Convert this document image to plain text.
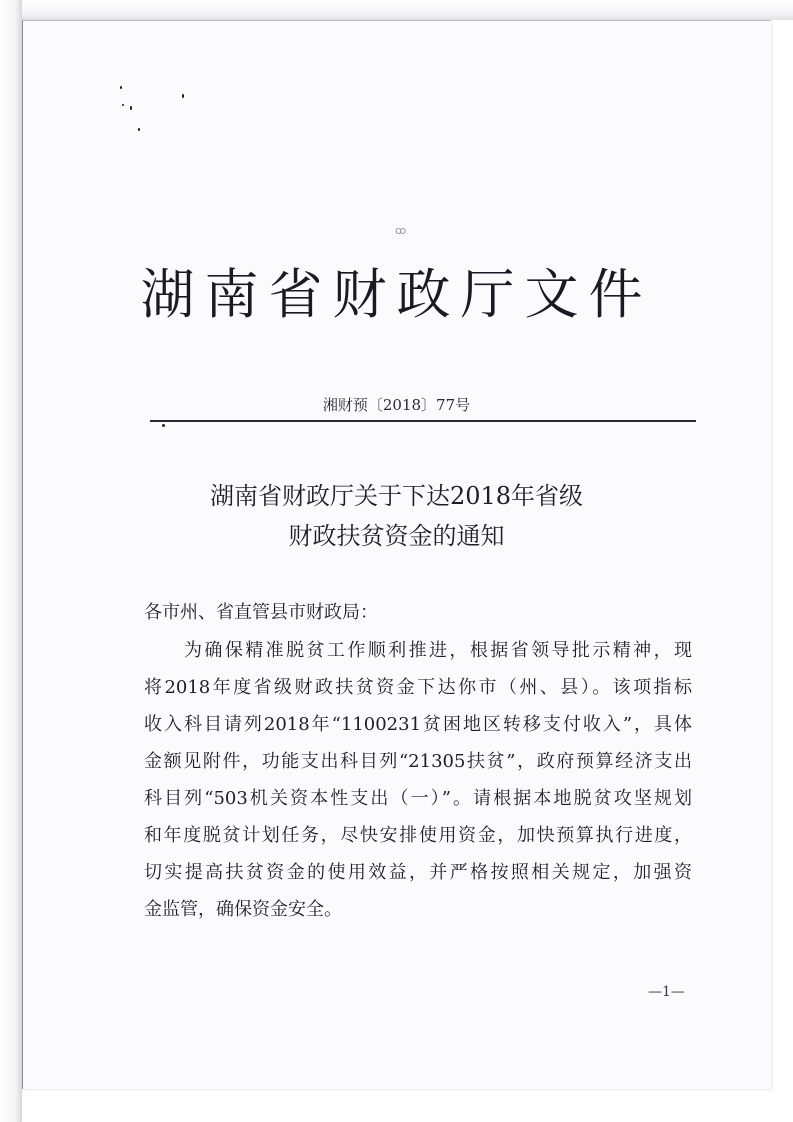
ꝏ
湖南省财政厅文件
湘财预〔2018〕77号
湖南省财政厅关于下达2018年省级
财政扶贫资金的通知
各市州、省直管县市财政局：
为确保精准脱贫工作顺利推进，根据省领导批示精神，现
将2018年度省级财政扶贫资金下达你市（州、县）。该项指标
收入科目请列2018年“1100231贫困地区转移支付收入”，具体
金额见附件，功能支出科目列“21305扶贫”，政府预算经济支出
科目列“503机关资本性支出（一）”。请根据本地脱贫攻坚规划
和年度脱贫计划任务，尽快安排使用资金，加快预算执行进度，
切实提高扶贫资金的使用效益，并严格按照相关规定，加强资
金监管，确保资金安全。
—1—
